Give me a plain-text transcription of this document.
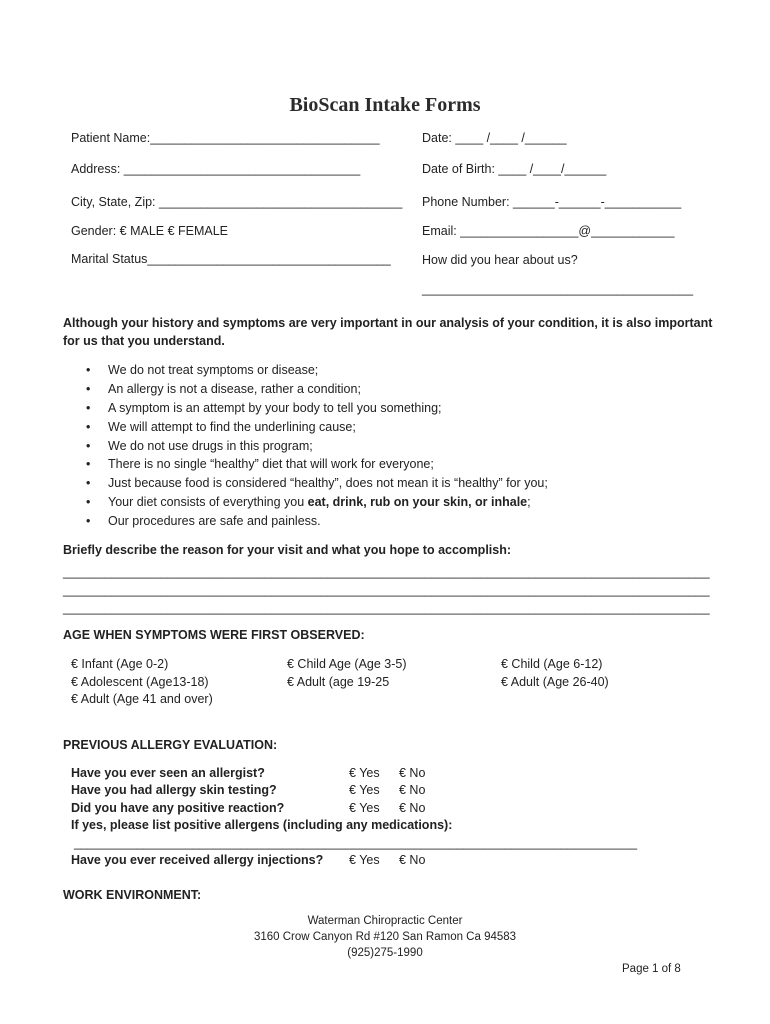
BioScan Intake Forms
Patient Name:_________________________________	Date: ____ /____ /______
Address: __________________________________	Date of Birth: ____ /____/______
City, State, Zip: ___________________________________ Phone Number: ______-______-___________
Gender: € MALE € FEMALE	Email: _________________@____________
Marital Status___________________________________	How did you hear about us?
_______________________________________
Although your history and symptoms are very important in our analysis of your condition, it is also important
for us that you understand.
• We do not treat symptoms or disease;
• An allergy is not a disease, rather a condition;
• A symptom is an attempt by your body to tell you something;
• We will attempt to find the underlining cause;
• We do not use drugs in this program;
• There is no single “healthy” diet that will work for everyone;
• Just because food is considered “healthy”, does not mean it is “healthy” for you;
• Your diet consists of everything you eat, drink, rub on your skin, or inhale;
• Our procedures are safe and painless.
Briefly describe the reason for your visit and what you hope to accomplish:
_____________________________________________________________________________________________
_____________________________________________________________________________________________
_____________________________________________________________________________________________
AGE WHEN SYMPTOMS WERE FIRST OBSERVED:
€ Infant (Age 0-2)	€ Child Age (Age 3-5)	€ Child (Age 6-12)
€ Adolescent (Age13-18)	€ Adult (age 19-25	€ Adult (Age 26-40)
€ Adult (Age 41 and over)
PREVIOUS ALLERGY EVALUATION:
Have you ever seen an allergist?	€ Yes € No
Have you had allergy skin testing?	€ Yes € No
Did you have any positive reaction?	€ Yes € No
If yes, please list positive allergens (including any medications):
_________________________________________________________________________________
Have you ever received allergy injections? € Yes € No
WORK ENVIRONMENT:
Waterman Chiropractic Center
3160 Crow Canyon Rd #120 San Ramon Ca 94583
(925)275-1990
Page 1 of 8
